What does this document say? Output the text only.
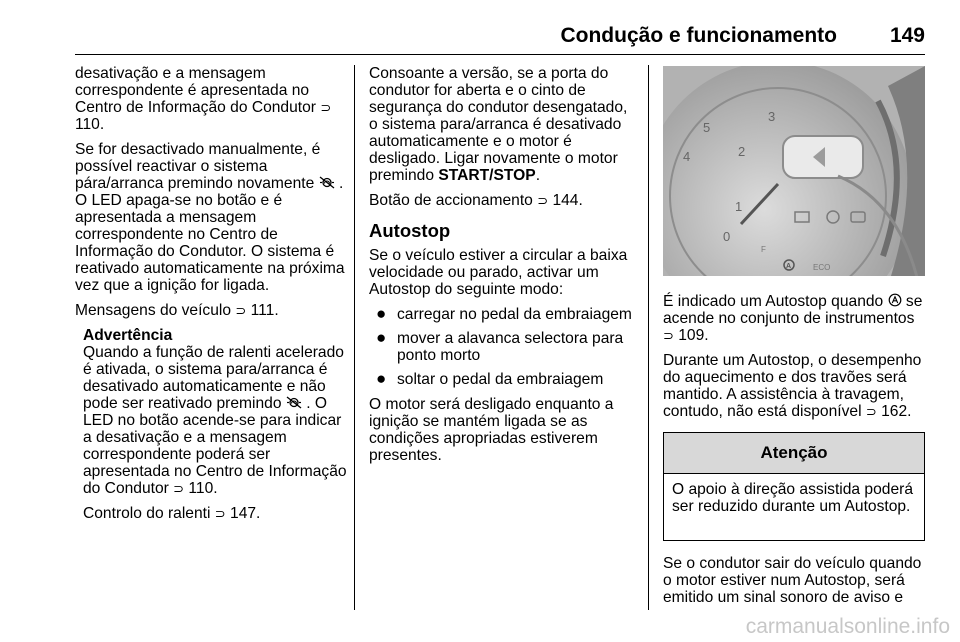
Condução e funcionamento	149

desativação e a mensagem correspondente é apresentada no Centro de Informação do Condutor ⊃ 110.

Se for desactivado manualmente, é possível reactivar o sistema pára/arranca premindo novamente . O LED apaga-se no botão e é apresentada a mensagem correspondente no Centro de Informação do Condutor. O sistema é reativado automaticamente na próxima vez que a ignição for ligada.

Mensagens do veículo ⊃ 111.

Advertência

Quando a função de ralenti acelerado é ativada, o sistema para/arranca é desativado automaticamente e não pode ser reativado premindo . O LED no botão acende-se para indicar a desativação e a mensagem correspondente poderá ser apresentada no Centro de Informação do Condutor ⊃ 110.

Controlo do ralenti ⊃ 147.

Consoante a versão, se a porta do condutor for aberta e o cinto de segurança do condutor desengatado, o sistema para/arranca é desativado automaticamente e o motor é desligado. Ligar novamente o motor premindo START/STOP.

Botão de accionamento ⊃ 144.

Autostop

Se o veículo estiver a circular a baixa velocidade ou parado, activar um Autostop do seguinte modo:

● carregar no pedal da embraiagem
● mover a alavanca selectora para ponto morto
● soltar o pedal da embraiagem

O motor será desligado enquanto a ignição se mantém ligada se as condições apropriadas estiverem presentes.

5
4
3
2
1
0
A	ECO
F

É indicado um Autostop quando se acende no conjunto de instrumentos ⊃ 109.

Durante um Autostop, o desempenho do aquecimento e dos travões será mantido. A assistência à travagem, contudo, não está disponível ⊃ 162.

Atenção
O apoio à direção assistida poderá ser reduzido durante um Autostop.

Se o condutor sair do veículo quando o motor estiver num Autostop, será emitido um sinal sonoro de aviso e

carmanualsonline.info
